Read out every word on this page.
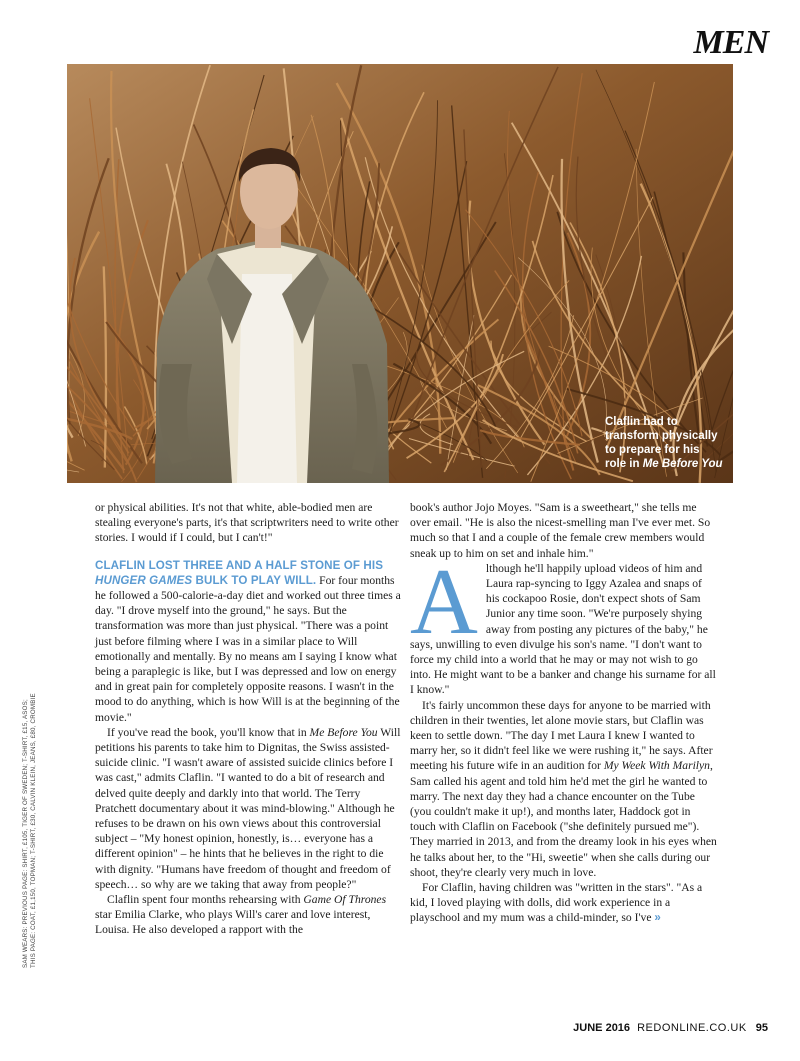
MEN
Claflin had to transform physically to prepare for his role in Me Before You
SAM WEARS: PREVIOUS PAGE: SHIRT, £105, TIGER OF SWEDEN; T-SHIRT, £15, ASOS; THIS PAGE: COAT, £1,150, TOPMAN; T-SHIRT, £30, CALVIN KLEIN, JEANS, £80, CROMBIE

or physical abilities. It's not that white, able-bodied men are stealing everyone's parts, it's that scriptwriters need to write other stories. I would if I could, but I can't!"

CLAFLIN LOST THREE AND A HALF STONE OF HIS HUNGER GAMES BULK TO PLAY WILL. For four months he followed a 500-calorie-a-day diet and worked out three times a day. "I drove myself into the ground," he says. But the transformation was more than just physical. "There was a point just before filming where I was in a similar place to Will emotionally and mentally. By no means am I saying I know what being a paraplegic is like, but I was depressed and low on energy and in great pain for completely opposite reasons. I wasn't in the mood to do anything, which is how Will is at the beginning of the movie."

If you've read the book, you'll know that in Me Before You Will petitions his parents to take him to Dignitas, the Swiss assisted-suicide clinic. "I wasn't aware of assisted suicide clinics before I was cast," admits Claflin. "I wanted to do a bit of research and delved quite deeply and darkly into that world. The Terry Pratchett documentary about it was mind-blowing." Although he refuses to be drawn on his own views about this controversial subject – "My honest opinion, honestly, is… everyone has a different opinion" – he hints that he believes in the right to die with dignity. "Humans have freedom of thought and freedom of speech… so why are we taking that away from people?"

Claflin spent four months rehearsing with Game Of Thrones star Emilia Clarke, who plays Will's carer and love interest, Louisa. He also developed a rapport with the

book's author Jojo Moyes. "Sam is a sweetheart," she tells me over email. "He is also the nicest-smelling man I've ever met. So much so that I and a couple of the female crew members would sneak up to him on set and inhale him."

Although he'll happily upload videos of him and Laura rap-syncing to Iggy Azalea and snaps of his cockapoo Rosie, don't expect shots of Sam Junior any time soon. "We're purposely shying away from posting any pictures of the baby," he says, unwilling to even divulge his son's name. "I don't want to force my child into a world that he may or may not wish to go into. He might want to be a banker and change his surname for all I know."

It's fairly uncommon these days for anyone to be married with children in their twenties, let alone movie stars, but Claflin was keen to settle down. "The day I met Laura I knew I wanted to marry her, so it didn't feel like we were rushing it," he says. After meeting his future wife in an audition for My Week With Marilyn, Sam called his agent and told him he'd met the girl he wanted to marry. The next day they had a chance encounter on the Tube (you couldn't make it up!), and months later, Haddock got in touch with Claflin on Facebook ("she definitely pursued me"). They married in 2013, and from the dreamy look in his eyes when he talks about her, to the "Hi, sweetie" when she calls during our shoot, they're clearly very much in love.

For Claflin, having children was "written in the stars". "As a kid, I loved playing with dolls, did work experience in a playschool and my mum was a child-minder, so I've »

JUNE 2016 REDONLINE.CO.UK 95
